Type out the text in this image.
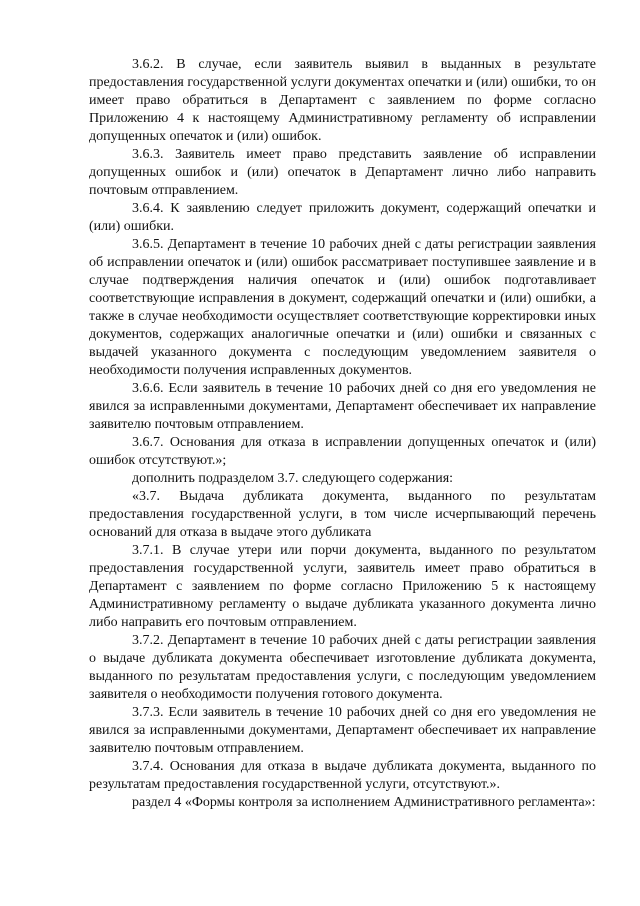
3.6.2. В случае, если заявитель выявил в выданных в результате предоставления государственной услуги документах опечатки и (или) ошибки, то он имеет право обратиться в Департамент с заявлением по форме согласно Приложению 4 к настоящему Административному регламенту об исправлении допущенных опечаток и (или) ошибок.

3.6.3. Заявитель имеет право представить заявление об исправлении допущенных ошибок и (или) опечаток в Департамент лично либо направить почтовым отправлением.

3.6.4. К заявлению следует приложить документ, содержащий опечатки и (или) ошибки.

3.6.5. Департамент в течение 10 рабочих дней с даты регистрации заявления об исправлении опечаток и (или) ошибок рассматривает поступившее заявление и в случае подтверждения наличия опечаток и (или) ошибок подготавливает соответствующие исправления в документ, содержащий опечатки и (или) ошибки, а также в случае необходимости осуществляет соответствующие корректировки иных документов, содержащих аналогичные опечатки и (или) ошибки и связанных с выдачей указанного документа с последующим уведомлением заявителя о необходимости получения исправленных документов.

3.6.6. Если заявитель в течение 10 рабочих дней со дня его уведомления не явился за исправленными документами, Департамент обеспечивает их направление заявителю почтовым отправлением.

3.6.7. Основания для отказа в исправлении допущенных опечаток и (или) ошибок отсутствуют.»;

дополнить подразделом 3.7. следующего содержания:

«3.7. Выдача дубликата документа, выданного по результатам предоставления государственной услуги, в том числе исчерпывающий перечень оснований для отказа в выдаче этого дубликата

3.7.1. В случае утери или порчи документа, выданного по результатом предоставления государственной услуги, заявитель имеет право обратиться в Департамент с заявлением по форме согласно Приложению 5 к настоящему Административному регламенту о выдаче дубликата указанного документа лично либо направить его почтовым отправлением.

3.7.2. Департамент в течение 10 рабочих дней с даты регистрации заявления о выдаче дубликата документа обеспечивает изготовление дубликата документа, выданного по результатам предоставления услуги, с последующим уведомлением заявителя о необходимости получения готового документа.

3.7.3. Если заявитель в течение 10 рабочих дней со дня его уведомления не явился за исправленными документами, Департамент обеспечивает их направление заявителю почтовым отправлением.

3.7.4. Основания для отказа в выдаче дубликата документа, выданного по результатам предоставления государственной услуги, отсутствуют.».

раздел 4 «Формы контроля за исполнением Административного регламента»:
